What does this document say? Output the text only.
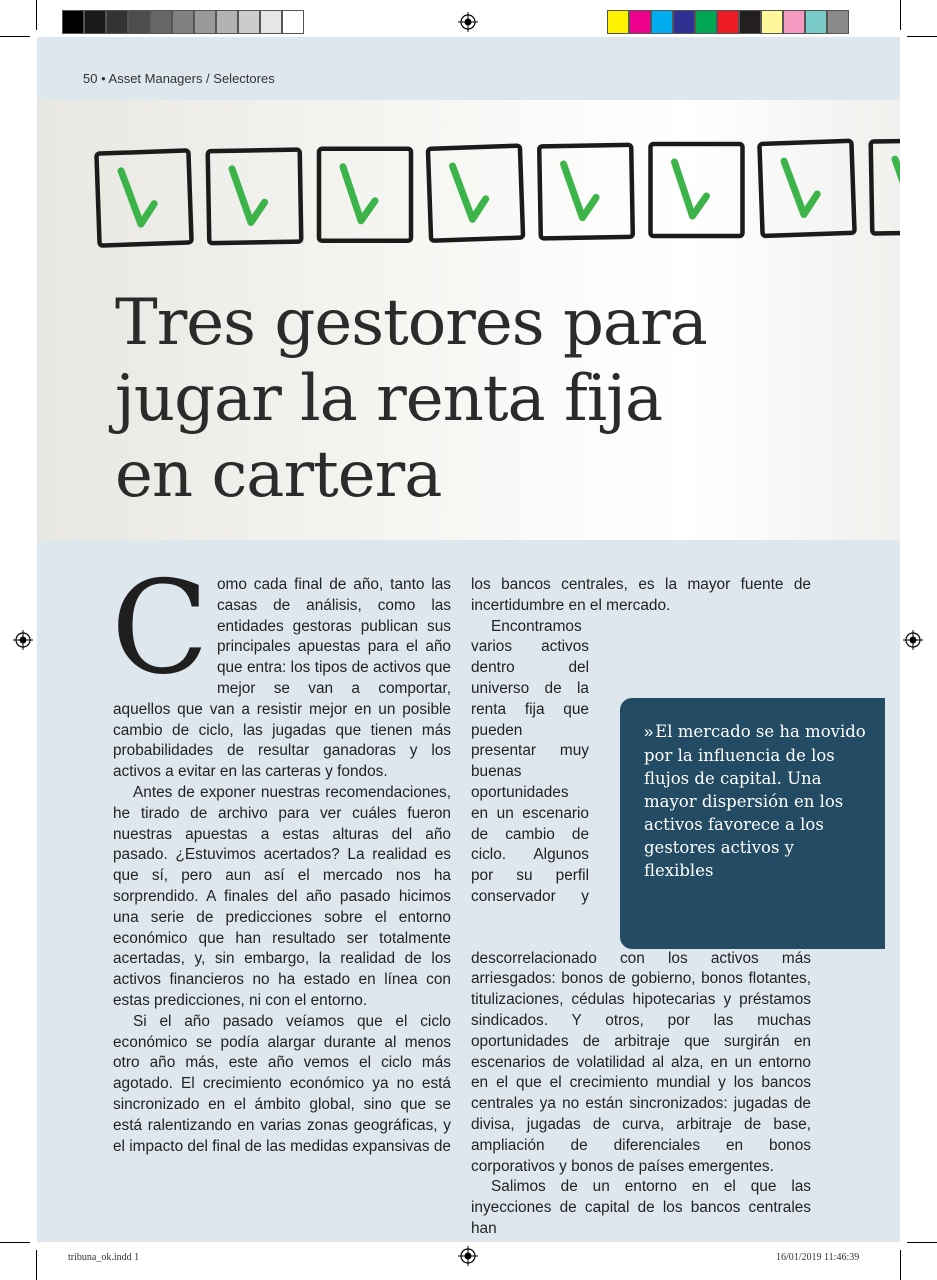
50 • Asset Managers / Selectores
Tres gestores para
jugar la renta fija
en cartera

Como cada final de año, tanto las casas de análisis, como las entidades gestoras publican sus principales apuestas para el año que entra: los tipos de activos que mejor se van a comportar, aquellos que van a resistir mejor en un posible cambio de ciclo, las jugadas que tienen más probabilidades de resultar ganadoras y los activos a evitar en las carteras y fondos.

Antes de exponer nuestras recomendaciones, he tirado de archivo para ver cuáles fueron nuestras apuestas a estas alturas del año pasado. ¿Estuvimos acertados? La realidad es que sí, pero aun así el mercado nos ha sorprendido. A finales del año pasado hicimos una serie de predicciones sobre el entorno económico que han resultado ser totalmente acertadas, y, sin embargo, la realidad de los activos financieros no ha estado en línea con estas predicciones, ni con el entorno.

Si el año pasado veíamos que el ciclo económico se podía alargar durante al menos otro año más, este año vemos el ciclo más agotado. El crecimiento económico ya no está sincronizado en el ámbito global, sino que se está ralentizando en varias zonas geográficas, y el impacto del final de las medidas expansivas de

los bancos centrales, es la mayor fuente de incertidumbre en el mercado.

Encontramos varios activos dentro del universo de la renta fija que pueden presentar muy buenas oportunidades en un escenario de cambio de ciclo. Algunos por su perfil conservador y descorrelacionado con los activos más arriesgados: bonos de gobierno, bonos flotantes, titulizaciones, cédulas hipotecarias y préstamos sindicados. Y otros, por las muchas oportunidades de arbitraje que surgirán en escenarios de volatilidad al alza, en un entorno en el que el crecimiento mundial y los bancos centrales ya no están sincronizados: jugadas de divisa, jugadas de curva, arbitraje de base, ampliación de diferenciales en bonos corporativos y bonos de países emergentes.

Salimos de un entorno en el que las inyecciones de capital de los bancos centrales han

» El mercado se ha movido por la influencia de los flujos de capital. Una mayor dispersión en los activos favorece a los gestores activos y flexibles
tribuna_ok.indd 1	16/01/2019 11:46:39
